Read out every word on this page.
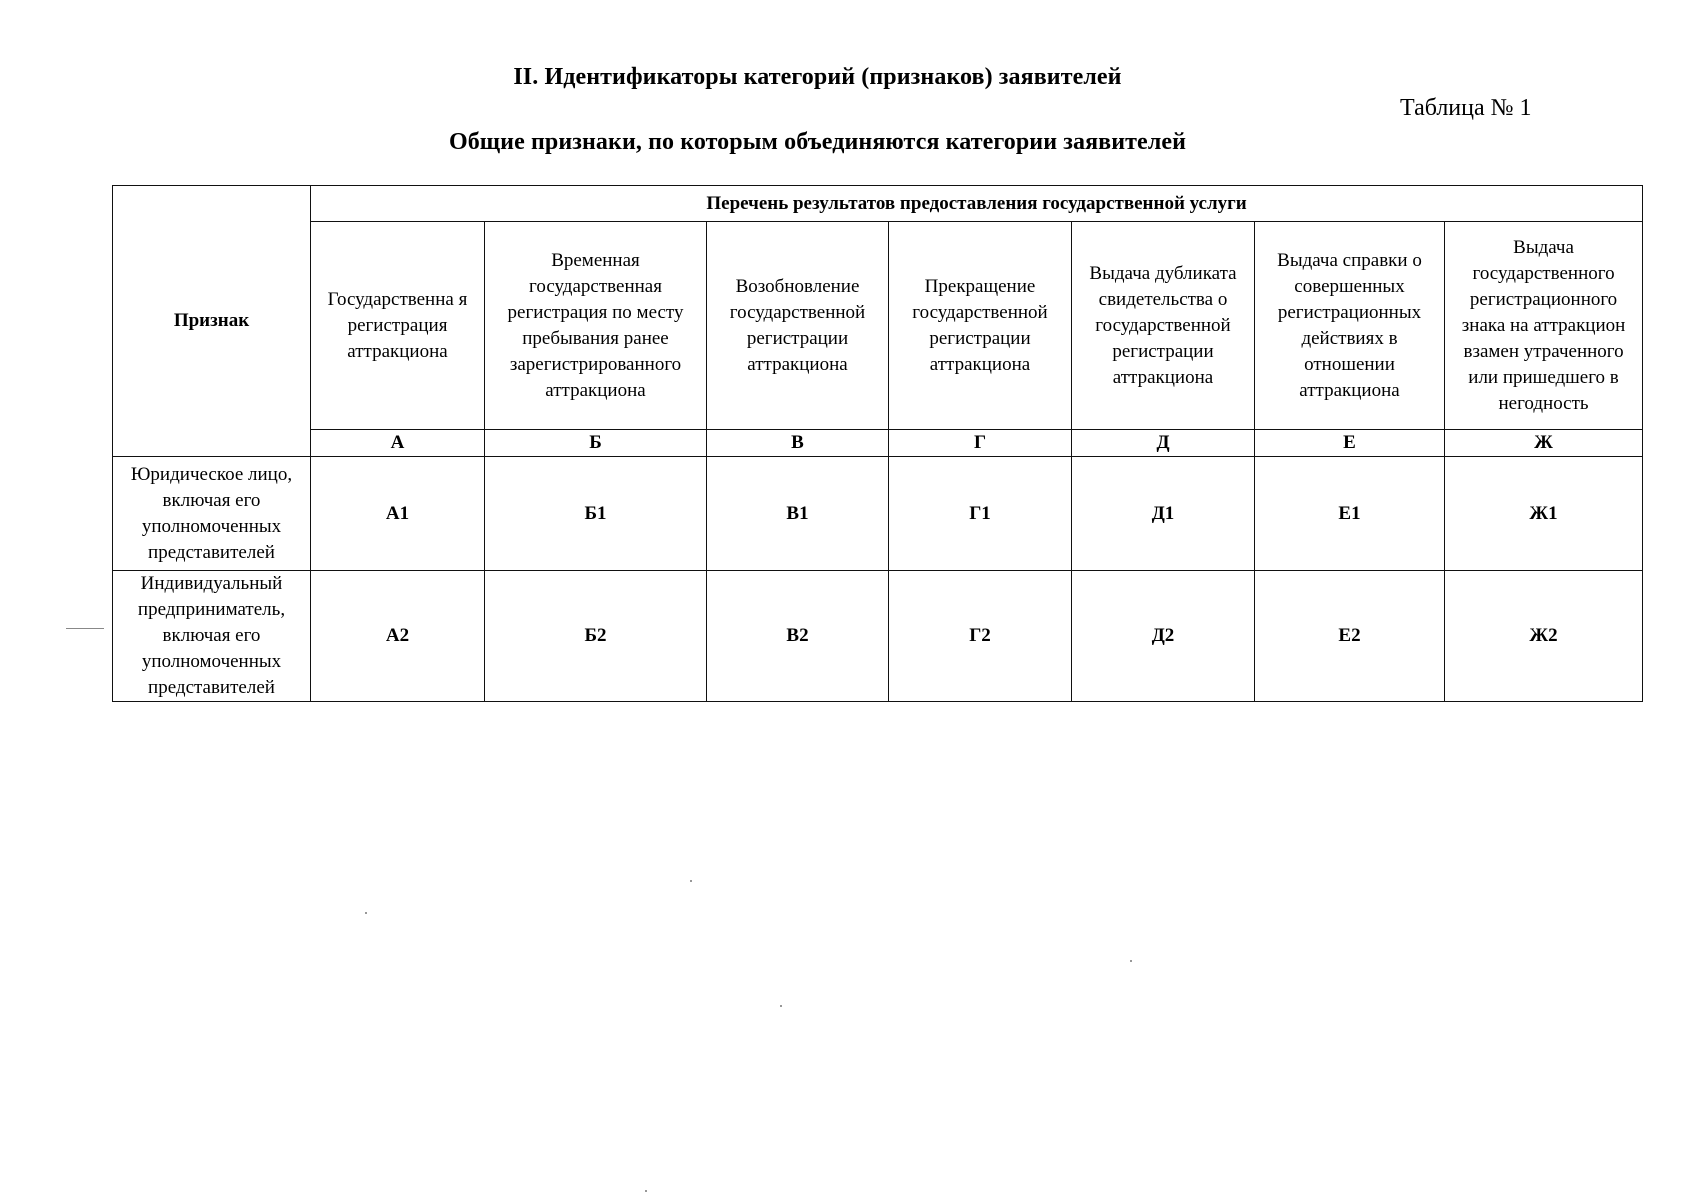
II. Идентификаторы категорий (признаков) заявителей
Таблица № 1
Общие признаки, по которым объединяются категории заявителей
Признак	Перечень результатов предоставления государственной услуги						
	Государственна я регистрация аттракциона	Временная государственная регистрация по месту пребывания ранее зарегистрированного аттракциона	Возобновление государственной регистрации аттракциона	Прекращение государственной регистрации аттракциона	Выдача дубликата свидетельства о государственной регистрации аттракциона	Выдача справки о совершенных регистрационных действиях в отношении аттракциона	Выдача государственного регистрационного знака на аттракцион взамен утраченного или пришедшего в негодность
	А	Б	В	Г	Д	Е	Ж
Юридическое лицо, включая его уполномоченных представителей	А1	Б1	В1	Г1	Д1	Е1	Ж1
Индивидуальный предприниматель, включая его уполномоченных представителей	А2	Б2	В2	Г2	Д2	Е2	Ж2
